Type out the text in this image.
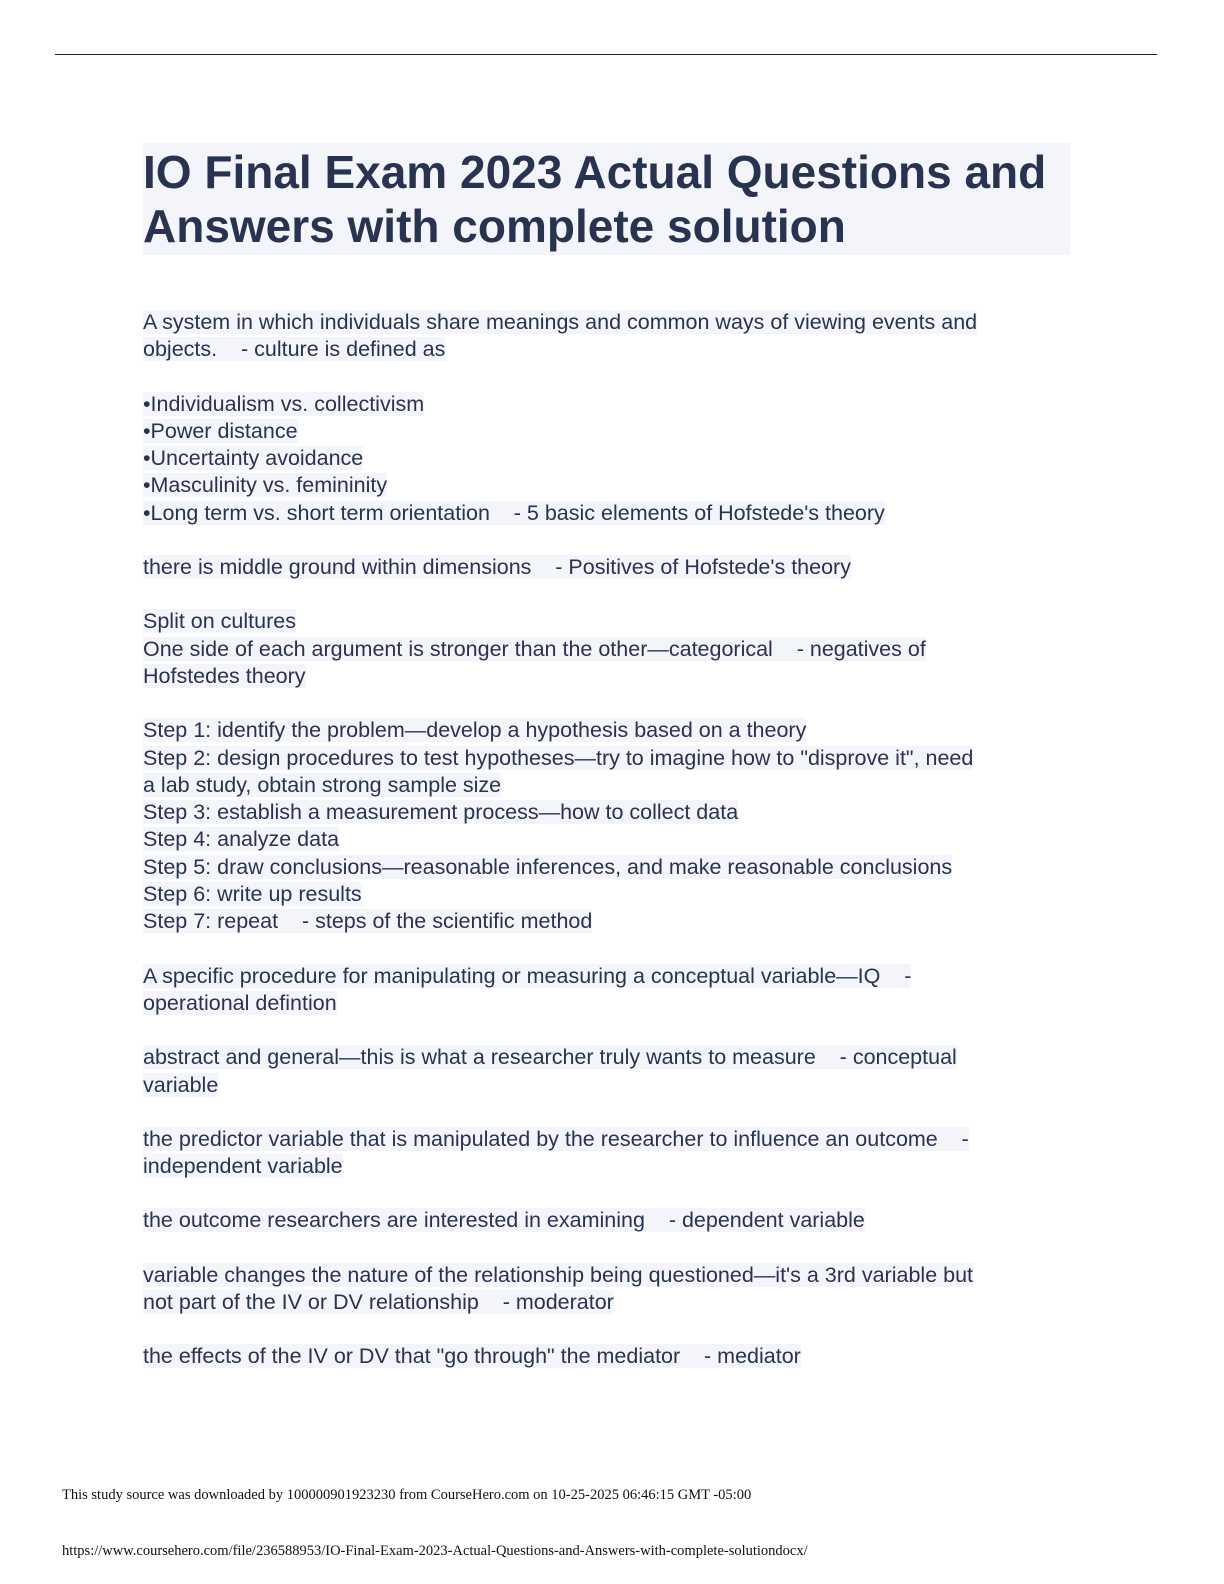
IO Final Exam 2023 Actual Questions and Answers with complete solution
A system in which individuals share meanings and common ways of viewing events and
objects.    - culture is defined as
•Individualism vs. collectivism
•Power distance
•Uncertainty avoidance
•Masculinity vs. femininity
•Long term vs. short term orientation    - 5 basic elements of Hofstede's theory
there is middle ground within dimensions    - Positives of Hofstede's theory
Split on cultures
One side of each argument is stronger than the other—categorical    - negatives of
Hofstedes theory
Step 1: identify the problem—develop a hypothesis based on a theory
Step 2: design procedures to test hypotheses—try to imagine how to "disprove it", need
a lab study, obtain strong sample size
Step 3: establish a measurement process—how to collect data
Step 4: analyze data
Step 5: draw conclusions—reasonable inferences, and make reasonable conclusions
Step 6: write up results
Step 7: repeat    - steps of the scientific method
A specific procedure for manipulating or measuring a conceptual variable—IQ    -
operational defintion
abstract and general—this is what a researcher truly wants to measure    - conceptual
variable
the predictor variable that is manipulated by the researcher to influence an outcome    -
independent variable
the outcome researchers are interested in examining    - dependent variable
variable changes the nature of the relationship being questioned—it's a 3rd variable but
not part of the IV or DV relationship    - moderator
the effects of the IV or DV that "go through" the mediator    - mediator
This study source was downloaded by 100000901923230 from CourseHero.com on 10-25-2025 06:46:15 GMT -05:00
https://www.coursehero.com/file/236588953/IO-Final-Exam-2023-Actual-Questions-and-Answers-with-complete-solutiondocx/
